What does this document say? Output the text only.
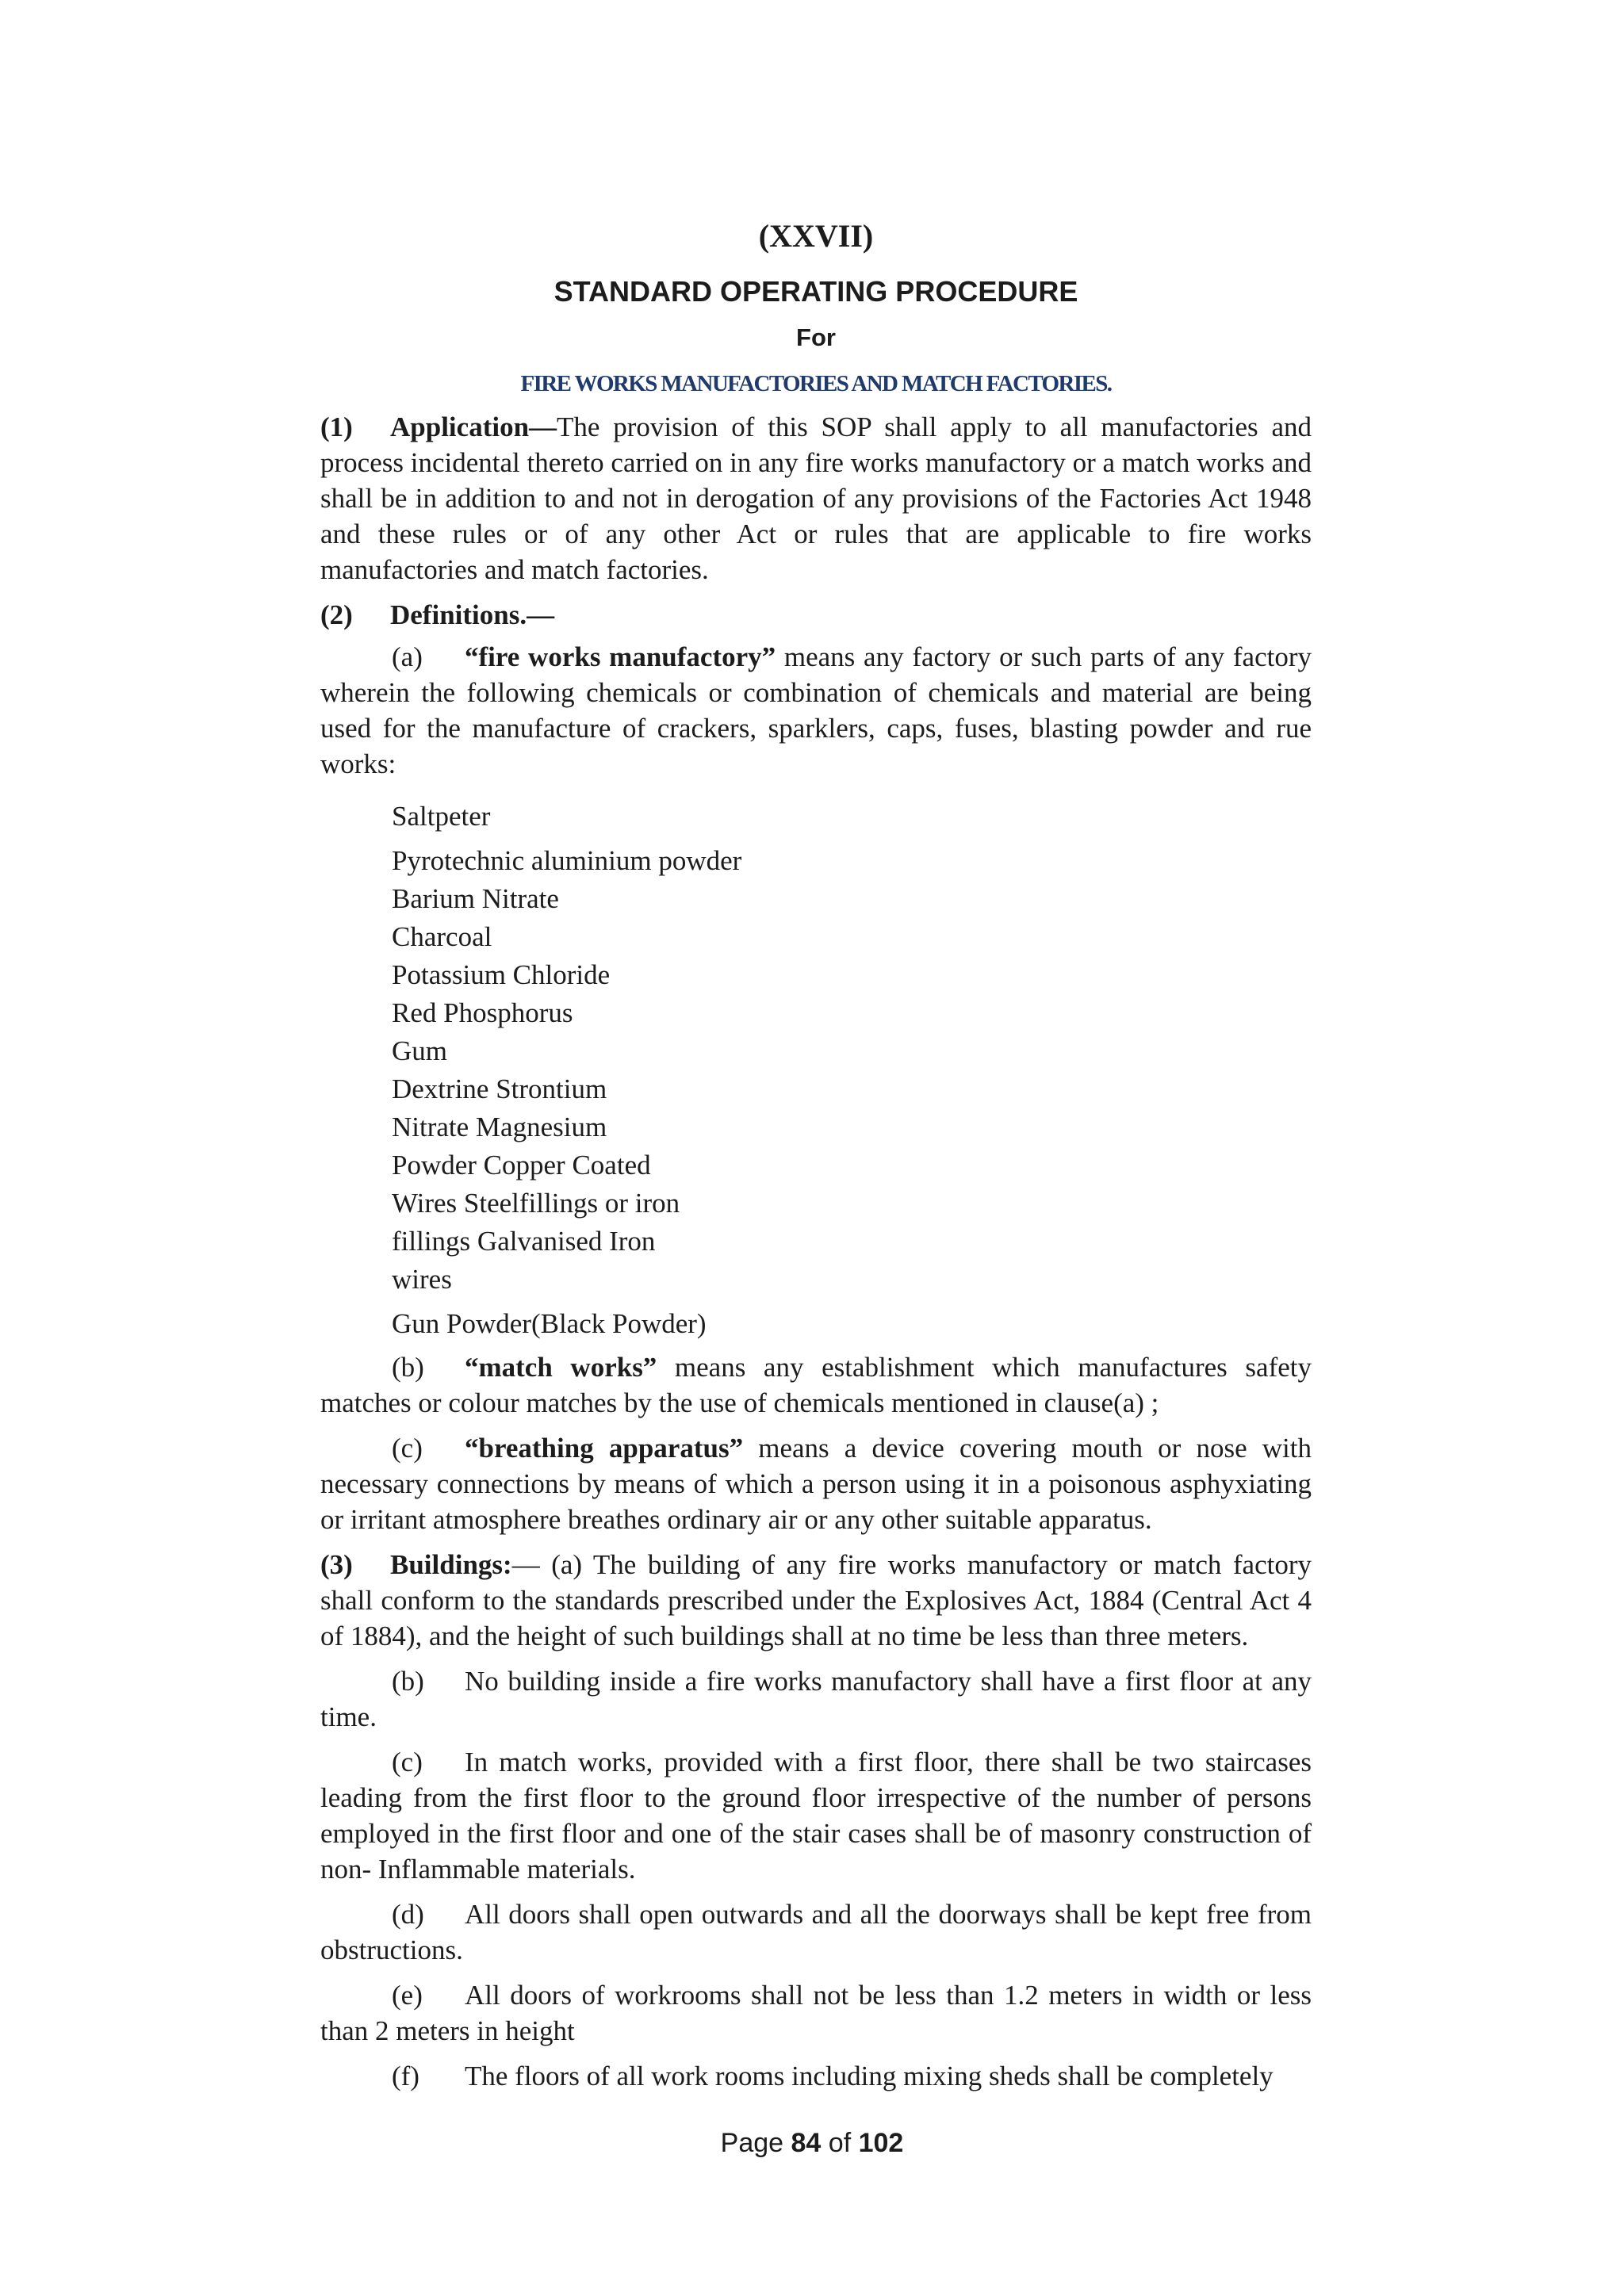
(XXVII)
STANDARD OPERATING PROCEDURE
For
FIRE WORKS MANUFACTORIES AND MATCH FACTORIES.

(1) Application—The provision of this SOP shall apply to all manufactories and process incidental thereto carried on in any fire works manufactory or a match works and shall be in addition to and not in derogation of any provisions of the Factories Act 1948 and these rules or of any other Act or rules that are applicable to fire works manufactories and match factories.

(2) Definitions.—

(a) “fire works manufactory” means any factory or such parts of any factory wherein the following chemicals or combination of chemicals and material are being used for the manufacture of crackers, sparklers, caps, fuses, blasting powder and rue works:

Saltpeter
Pyrotechnic aluminium powder
Barium Nitrate
Charcoal
Potassium Chloride
Red Phosphorus
Gum
Dextrine Strontium
Nitrate Magnesium
Powder Copper Coated
Wires Steelfillings or iron
fillings Galvanised Iron
wires
Gun Powder(Black Powder)

(b) “match works” means any establishment which manufactures safety matches or colour matches by the use of chemicals mentioned in clause(a) ;

(c) “breathing apparatus” means a device covering mouth or nose with necessary connections by means of which a person using it in a poisonous asphyxiating or irritant atmosphere breathes ordinary air or any other suitable apparatus.

(3) Buildings:— (a) The building of any fire works manufactory or match factory shall conform to the standards prescribed under the Explosives Act, 1884 (Central Act 4 of 1884), and the height of such buildings shall at no time be less than three meters.

(b) No building inside a fire works manufactory shall have a first floor at any time.

(c) In match works, provided with a first floor, there shall be two staircases leading from the first floor to the ground floor irrespective of the number of persons employed in the first floor and one of the stair cases shall be of masonry construction of non- Inflammable materials.

(d) All doors shall open outwards and all the doorways shall be kept free from obstructions.

(e) All doors of workrooms shall not be less than 1.2 meters in width or less than 2 meters in height

(f) The floors of all work rooms including mixing sheds shall be completely

Page 84 of 102
